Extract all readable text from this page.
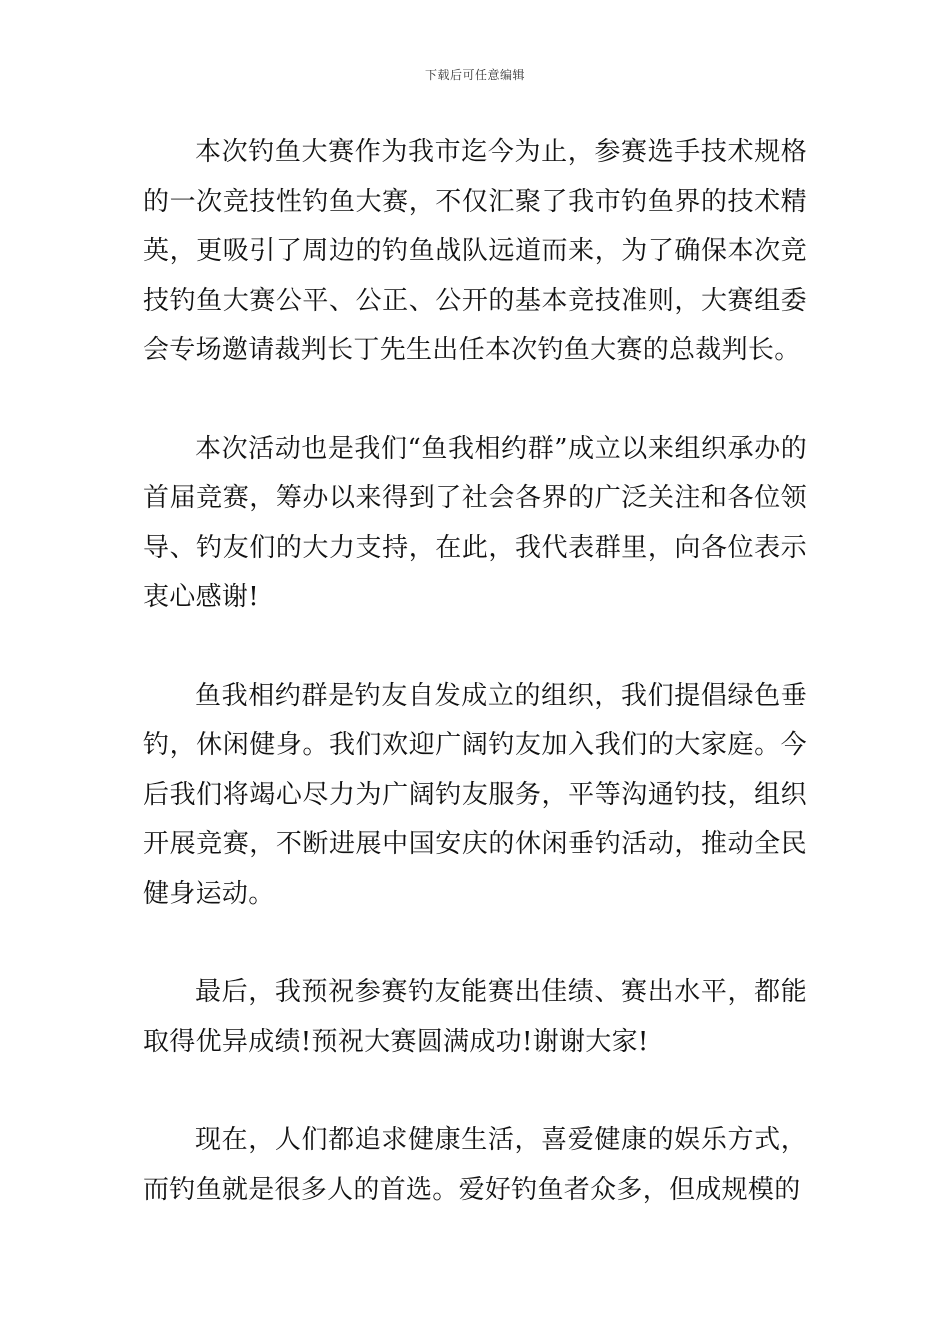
下载后可任意编辑

本次钓鱼大赛作为我市迄今为止，参赛选手技术规格的一次竞技性钓鱼大赛，不仅汇聚了我市钓鱼界的技术精英，更吸引了周边的钓鱼战队远道而来，为了确保本次竞技钓鱼大赛公平、公正、公开的基本竞技准则，大赛组委会专场邀请裁判长丁先生出任本次钓鱼大赛的总裁判长。

本次活动也是我们“鱼我相约群”成立以来组织承办的首届竞赛，筹办以来得到了社会各界的广泛关注和各位领导、钓友们的大力支持，在此，我代表群里，向各位表示衷心感谢!

鱼我相约群是钓友自发成立的组织，我们提倡绿色垂钓，休闲健身。我们欢迎广阔钓友加入我们的大家庭。今后我们将竭心尽力为广阔钓友服务，平等沟通钓技，组织开展竞赛，不断进展中国安庆的休闲垂钓活动，推动全民健身运动。

最后，我预祝参赛钓友能赛出佳绩、赛出水平，都能取得优异成绩!预祝大赛圆满成功!谢谢大家!

现在，人们都追求健康生活，喜爱健康的娱乐方式，而钓鱼就是很多人的首选。爱好钓鱼者众多，但成规模的
